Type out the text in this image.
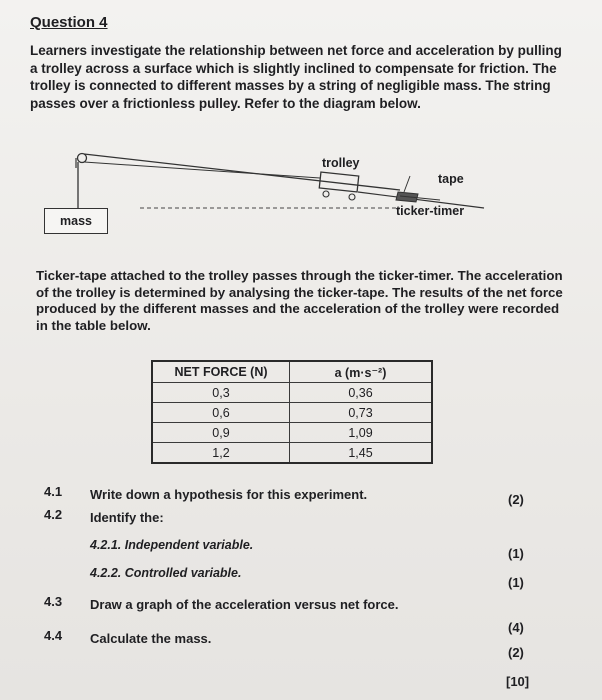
Question 4
Learners investigate the relationship between net force and acceleration by pulling a trolley across a surface which is slightly inclined to compensate for friction. The trolley is connected to different masses by a string of negligible mass. The string passes over a frictionless pulley. Refer to the diagram below.
trolley
tape
ticker-timer
mass
Ticker-tape attached to the trolley passes through the ticker-timer. The acceleration of the trolley is determined by analysing the ticker-tape. The results of the net force produced by the different masses and the acceleration of the trolley were recorded in the table below.
NET FORCE (N)	a (m·s⁻²)
0,3	0,36
0,6	0,73
0,9	1,09
1,2	1,45
4.1 Write down a hypothesis for this experiment.	(2)
4.2 Identify the:
4.2.1. Independent variable.
(1)
4.2.2. Controlled variable.
(1)
4.3 Draw a graph of the acceleration versus net force.
(4)
4.4 Calculate the mass.
(2)
[10]
